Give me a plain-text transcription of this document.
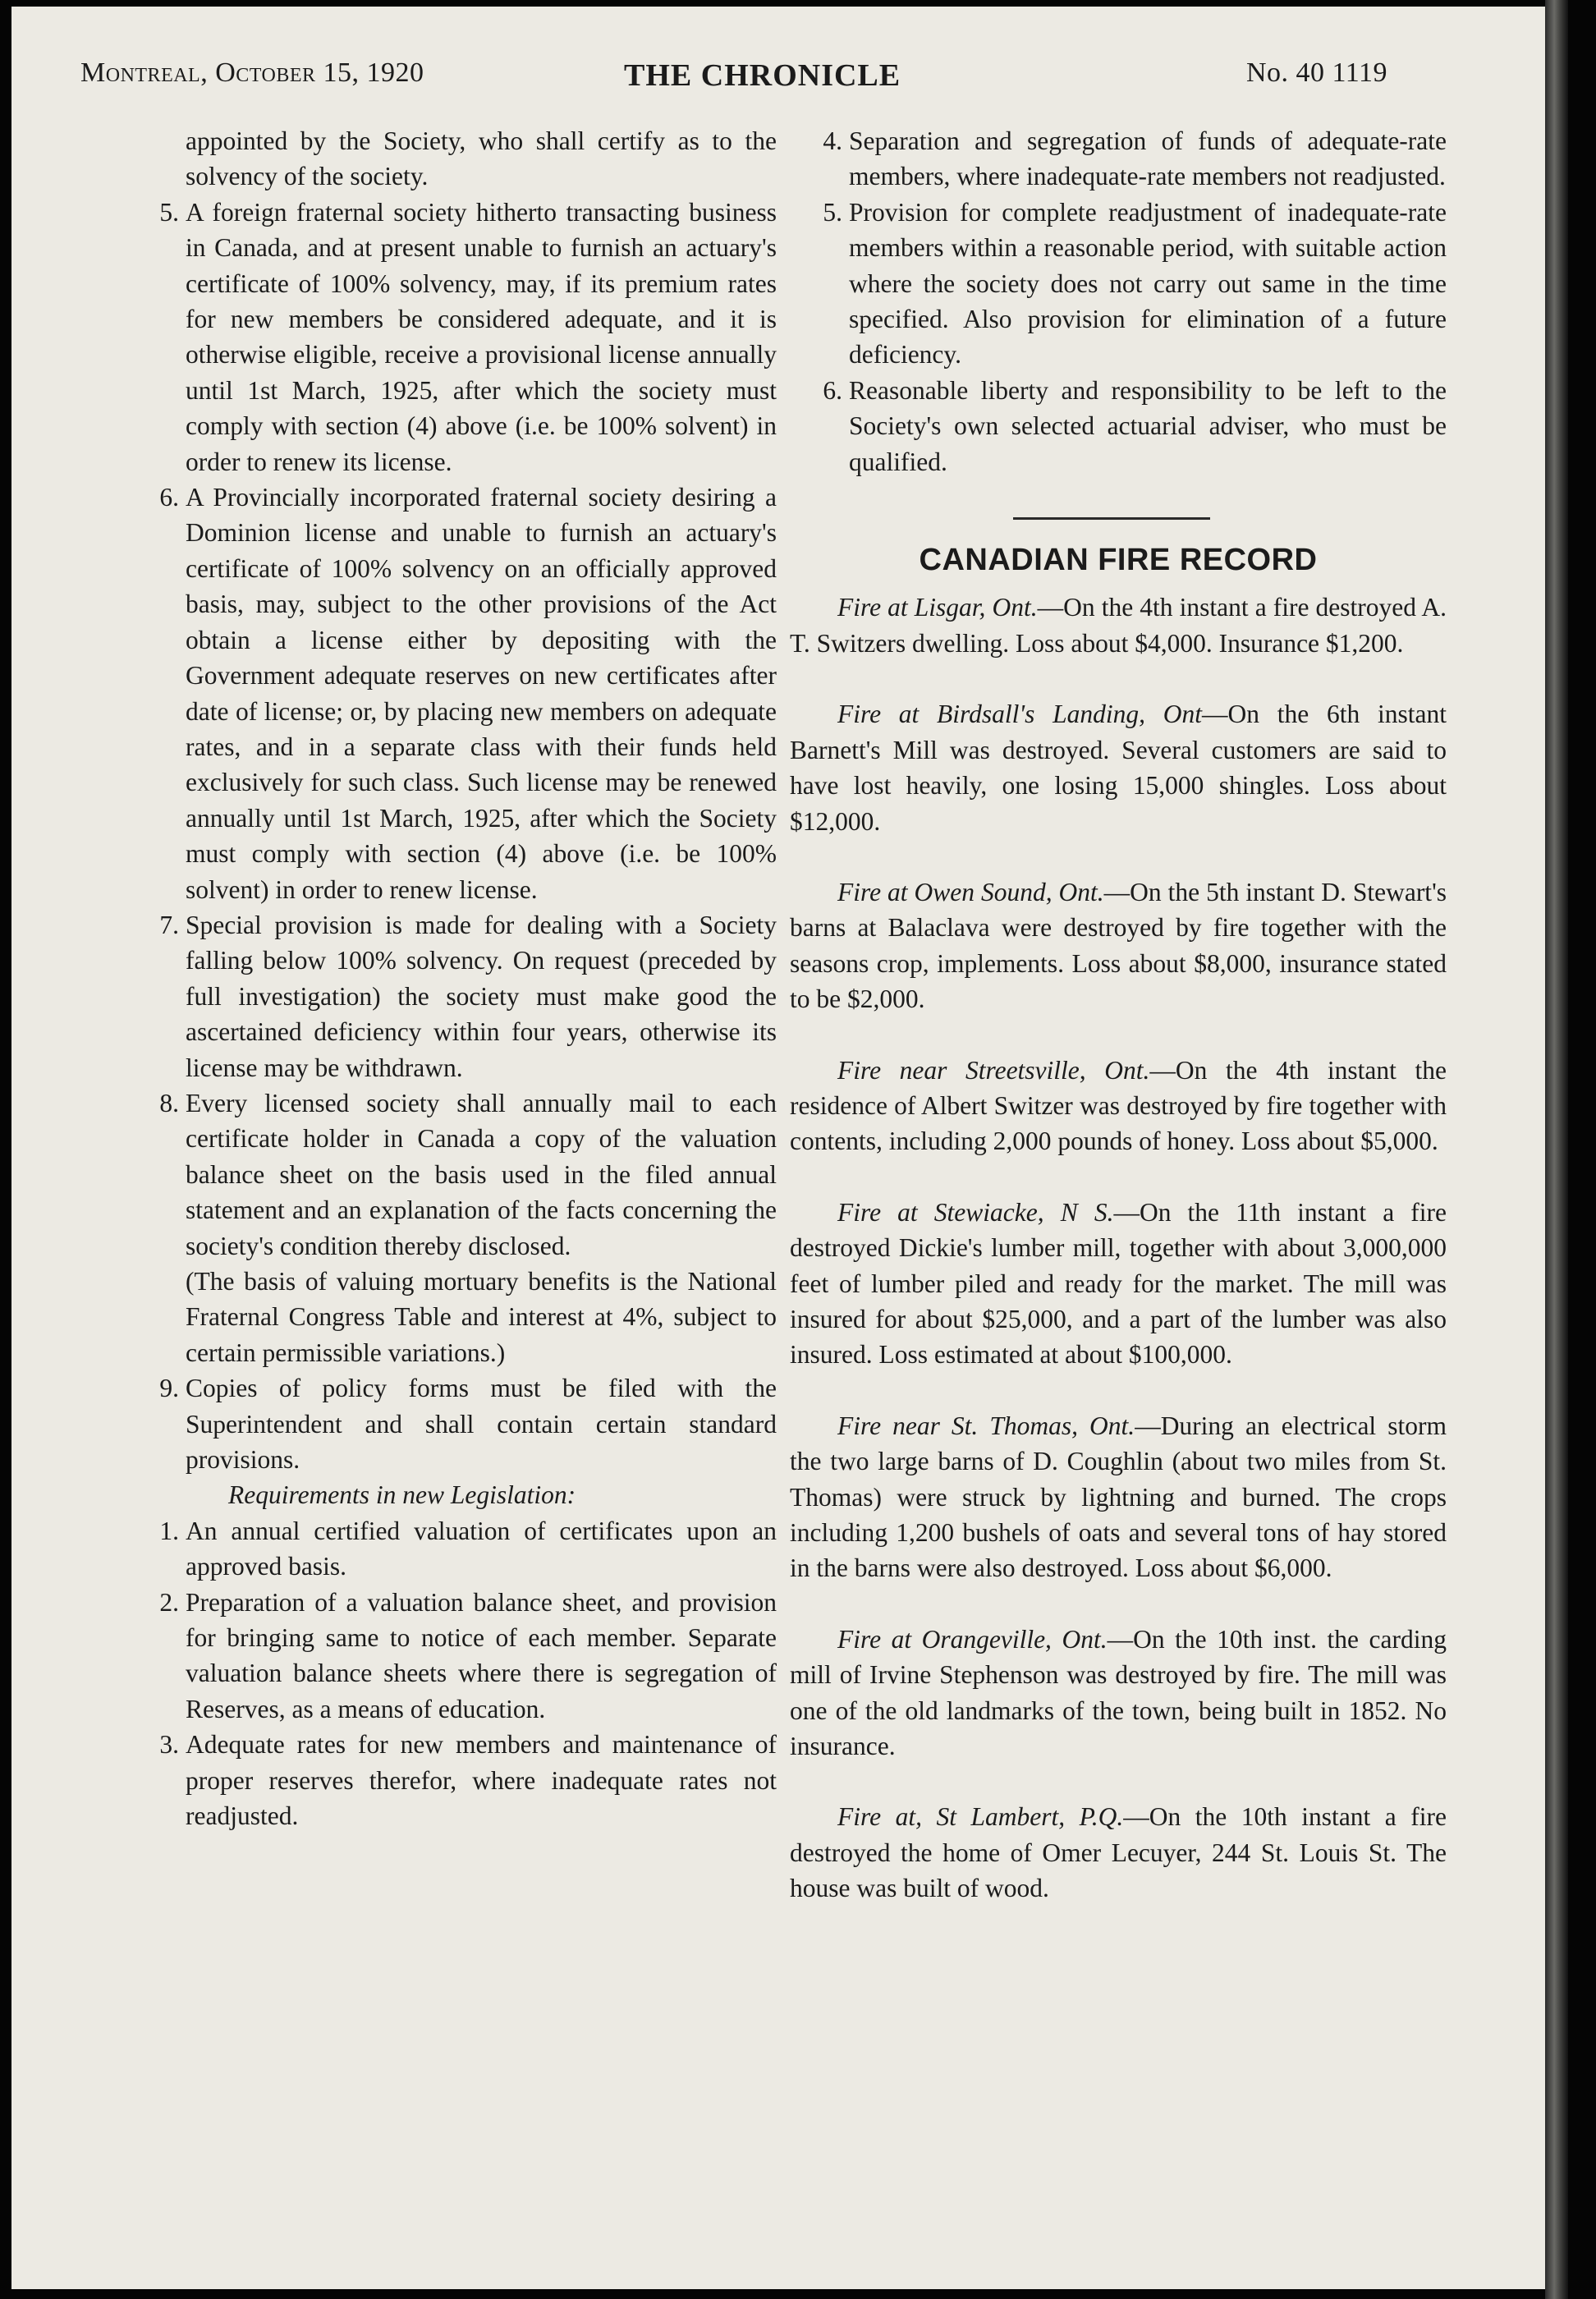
Montreal, October 15, 1920	THE CHRONICLE	No. 40 1119

appointed by the Society, who shall certify as to the solvency of the society.

5. A foreign fraternal society hitherto transacting business in Canada, and at present unable to furnish an actuary's certificate of 100% solvency, may, if its premium rates for new members be considered adequate, and it is otherwise eligible, receive a provisional license annually until 1st March, 1925, after which the society must comply with section (4) above (i.e. be 100% solvent) in order to renew its license.
6. A Provincially incorporated fraternal society desiring a Dominion license and unable to furnish an actuary's certificate of 100% solvency on an officially approved basis, may, subject to the other provisions of the Act obtain a license either by depositing with the Government adequate reserves on new certificates after date of license; or, by placing new members on adequate rates, and in a separate class with their funds held exclusively for such class. Such license may be renewed annually until 1st March, 1925, after which the Society must comply with section (4) above (i.e. be 100% solvent) in order to renew license.
7. Special provision is made for dealing with a Society falling below 100% solvency. On request (preceded by full investigation) the society must make good the ascertained deficiency within four years, otherwise its license may be withdrawn.
8. Every licensed society shall annually mail to each certificate holder in Canada a copy of the valuation balance sheet on the basis used in the filed annual statement and an explanation of the facts concerning the society's condition thereby disclosed.

(The basis of valuing mortuary benefits is the National Fraternal Congress Table and interest at 4%, subject to certain permissible variations.)

9. Copies of policy forms must be filed with the Superintendent and shall contain certain standard provisions.

Requirements in new Legislation:

1. An annual certified valuation of certificates upon an approved basis.
2. Preparation of a valuation balance sheet, and provision for bringing same to notice of each member. Separate valuation balance sheets where there is segregation of Reserves, as a means of education.
3. Adequate rates for new members and maintenance of proper reserves therefor, where inadequate rates not readjusted.
4. Separation and segregation of funds of adequate-rate members, where inadequate-rate members not readjusted.
5. Provision for complete readjustment of inadequate-rate members within a reasonable period, with suitable action where the society does not carry out same in the time specified. Also provision for elimination of a future deficiency.
6. Reasonable liberty and responsibility to be left to the Society's own selected actuarial adviser, who must be qualified.
CANADIAN FIRE RECORD

Fire at Lisgar, Ont.—On the 4th instant a fire destroyed A. T. Switzers dwelling. Loss about $4,000. Insurance $1,200.

Fire at Birdsall's Landing, Ont—On the 6th instant Barnett's Mill was destroyed. Several customers are said to have lost heavily, one losing 15,000 shingles. Loss about $12,000.

Fire at Owen Sound, Ont.—On the 5th instant D. Stewart's barns at Balaclava were destroyed by fire together with the seasons crop, implements. Loss about $8,000, insurance stated to be $2,000.

Fire near Streetsville, Ont.—On the 4th instant the residence of Albert Switzer was destroyed by fire together with contents, including 2,000 pounds of honey. Loss about $5,000.

Fire at Stewiacke, N S.—On the 11th instant a fire destroyed Dickie's lumber mill, together with about 3,000,000 feet of lumber piled and ready for the market. The mill was insured for about $25,000, and a part of the lumber was also insured. Loss estimated at about $100,000.

Fire near St. Thomas, Ont.—During an electrical storm the two large barns of D. Coughlin (about two miles from St. Thomas) were struck by lightning and burned. The crops including 1,200 bushels of oats and several tons of hay stored in the barns were also destroyed. Loss about $6,000.

Fire at Orangeville, Ont.—On the 10th inst. the carding mill of Irvine Stephenson was destroyed by fire. The mill was one of the old landmarks of the town, being built in 1852. No insurance.

Fire at, St Lambert, P.Q.—On the 10th instant a fire destroyed the home of Omer Lecuyer, 244 St. Louis St. The house was built of wood.
